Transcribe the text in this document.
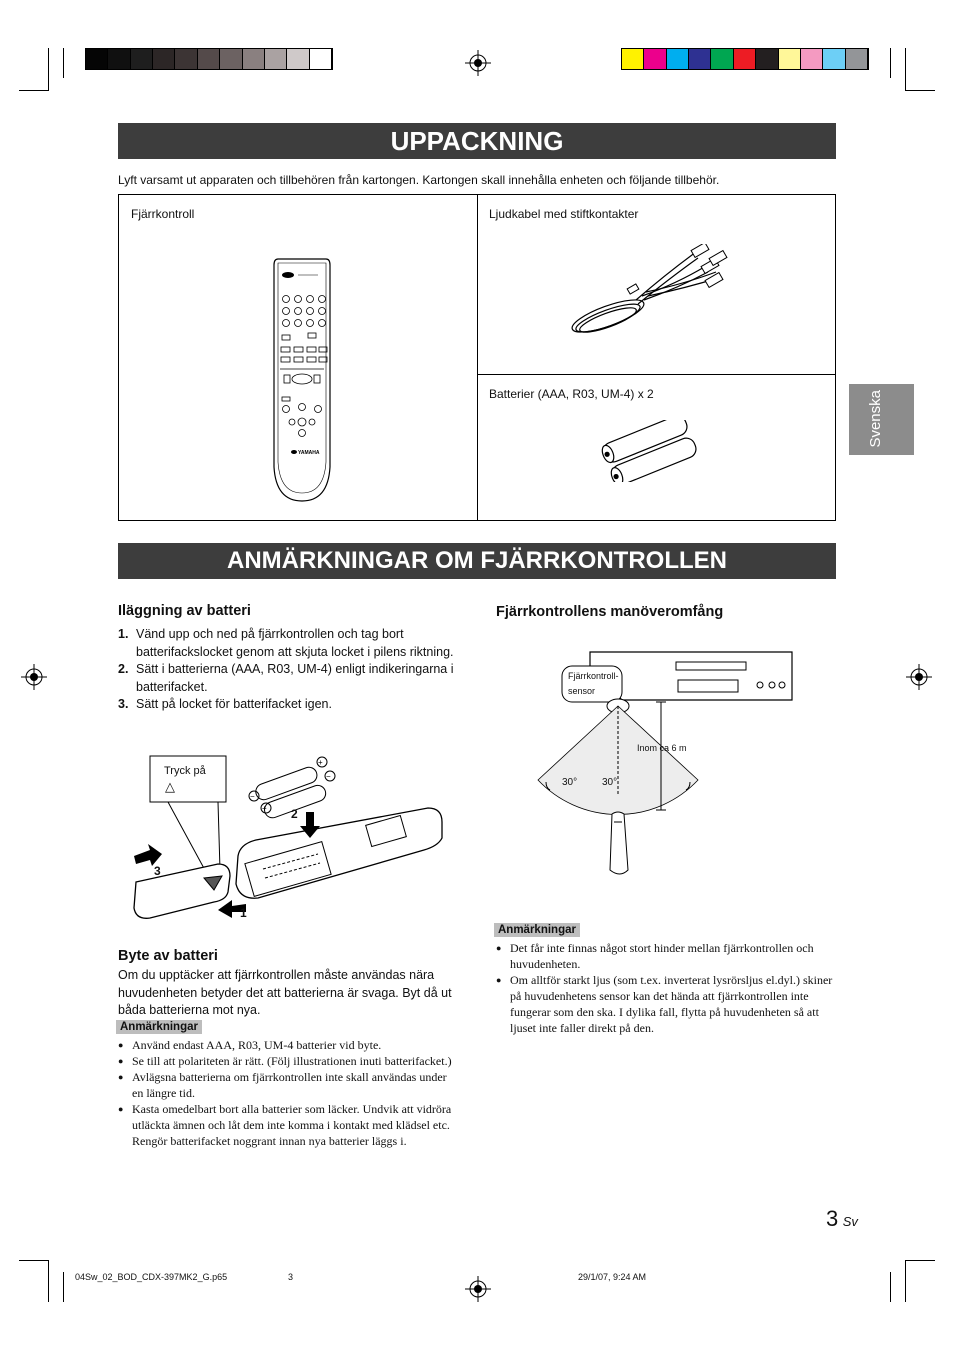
UPPACKNING
Lyft varsamt ut apparaten och tillbehören från kartongen. Kartongen skall innehålla enheten och följande tillbehör.
Fjärrkontroll	Ljudkabel med stiftkontakter
Batterier (AAA, R03, UM-4) x 2
YAMAHA
Svenska
ANMÄRKNINGAR OM FJÄRRKONTROLLEN
Iläggning av batteri
1. Vänd upp och ned på fjärrkontrollen och tag bort batterifackslocket genom att skjuta locket i pilens riktning.
2. Sätt i batterierna (AAA, R03, UM-4) enligt indikeringarna i batterifacket.
3. Sätt på locket för batterifacket igen.
+
−
−
+
Tryck på
△
1
2
3
Byte av batteri
Om du upptäcker att fjärrkontrollen måste användas nära huvudenheten betyder det att batterierna är svaga. Byt då ut båda batterierna mot nya.
Anmärkningar
● Använd endast AAA, R03, UM-4 batterier vid byte.
● Se till att polariteten är rätt. (Följ illustrationen inuti batterifacket.)
● Avlägsna batterierna om fjärrkontrollen inte skall användas under en längre tid.
● Kasta omedelbart bort alla batterier som läcker. Undvik att vidröra utläckta ämnen och låt dem inte komma i kontakt med klädsel etc. Rengör batterifacket noggrant innan nya batterier läggs i.
Fjärrkontrollens manöveromfång
Fjärrkontroll-
sensor
Inom ca 6 m
30° 30°
Anmärkningar
● Det får inte finnas något stort hinder mellan fjärrkontrollen och huvudenheten.
● Om alltför starkt ljus (som t.ex. inverterat lysrörsljus el.dyl.) skiner på huvudenhetens sensor kan det hända att fjärrkontrollen inte fungerar som den ska. I dylika fall, flytta på huvudenheten så att ljuset inte faller direkt på den.
3 Sv
04Sw_02_BOD_CDX-397MK2_G.p65	3	29/1/07, 9:24 AM
